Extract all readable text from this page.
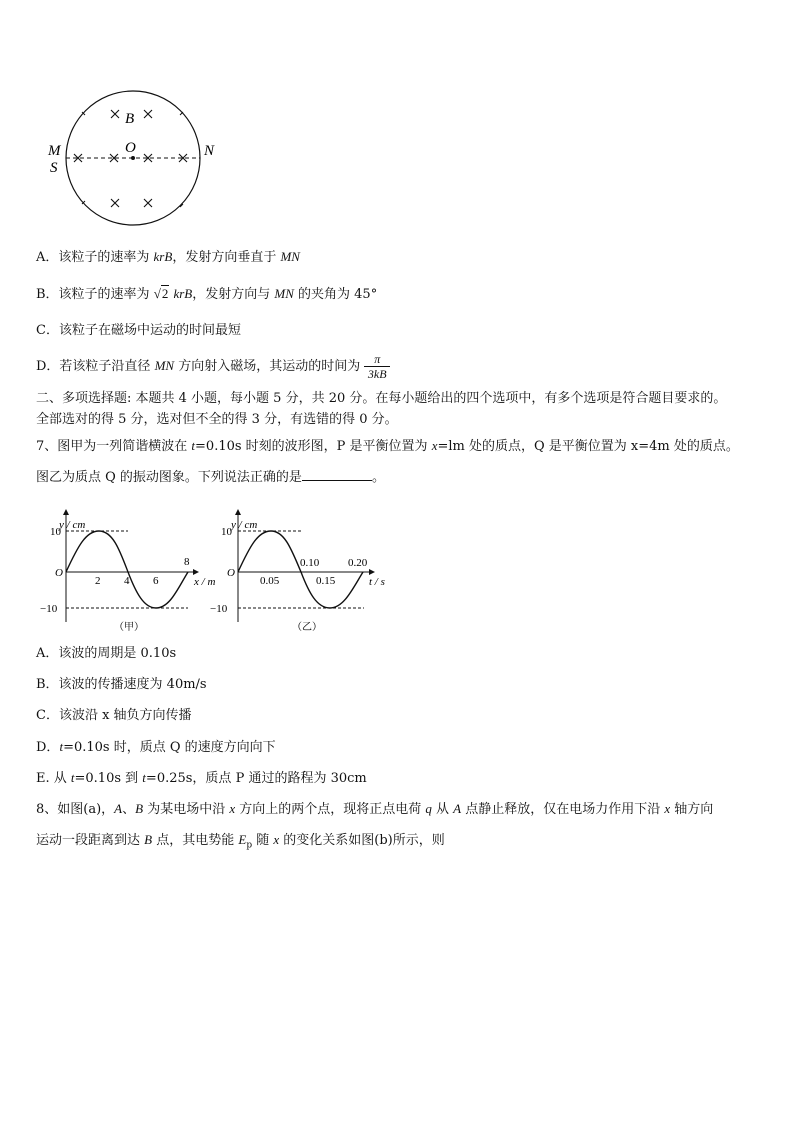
B
O
M
S
N
A．该粒子的速率为 krB，发射方向垂直于 MN
B．该粒子的速率为 √2 krB，发射方向与 MN 的夹角为 45°
C．该粒子在磁场中运动的时间最短
D．若该粒子沿直径 MN 方向射入磁场，其运动的时间为 $\frac{\pi}{3kB}$
二、多项选择题: 本题共 4 小题，每小题 5 分，共 20 分。在每小题给出的四个选项中，有多个选项是符合题目要求的。
全部选对的得 5 分，选对但不全的得 3 分，有选错的得 0 分。
7、图甲为一列简谐横波在 t=0.10s 时刻的波形图，P 是平衡位置为 x=lm 处的质点，Q 是平衡位置为 x=4m 处的质点。
图乙为质点 Q 的振动图象。下列说法正确的是	。
y / cm
x / m
O
10
−10
2 4 6
8
（甲）
y / cm
t / s
O
10
−10
0.05
0.10
0.15
0.20
（乙）
A．该波的周期是 0.10s
B．该波的传播速度为 40m/s
C．该波沿 x 轴负方向传播
D．t=0.10s 时，质点 Q 的速度方向向下
E. 从 t=0.10s 到 t=0.25s，质点 P 通过的路程为 30cm
8、如图(a)，A、B 为某电场中沿 x 方向上的两个点，现将正点电荷 q 从 A 点静止释放，仅在电场力作用下沿 x 轴方向
运动一段距离到达 B 点，其电势能 $E_p$ 随 x 的变化关系如图(b)所示，则
